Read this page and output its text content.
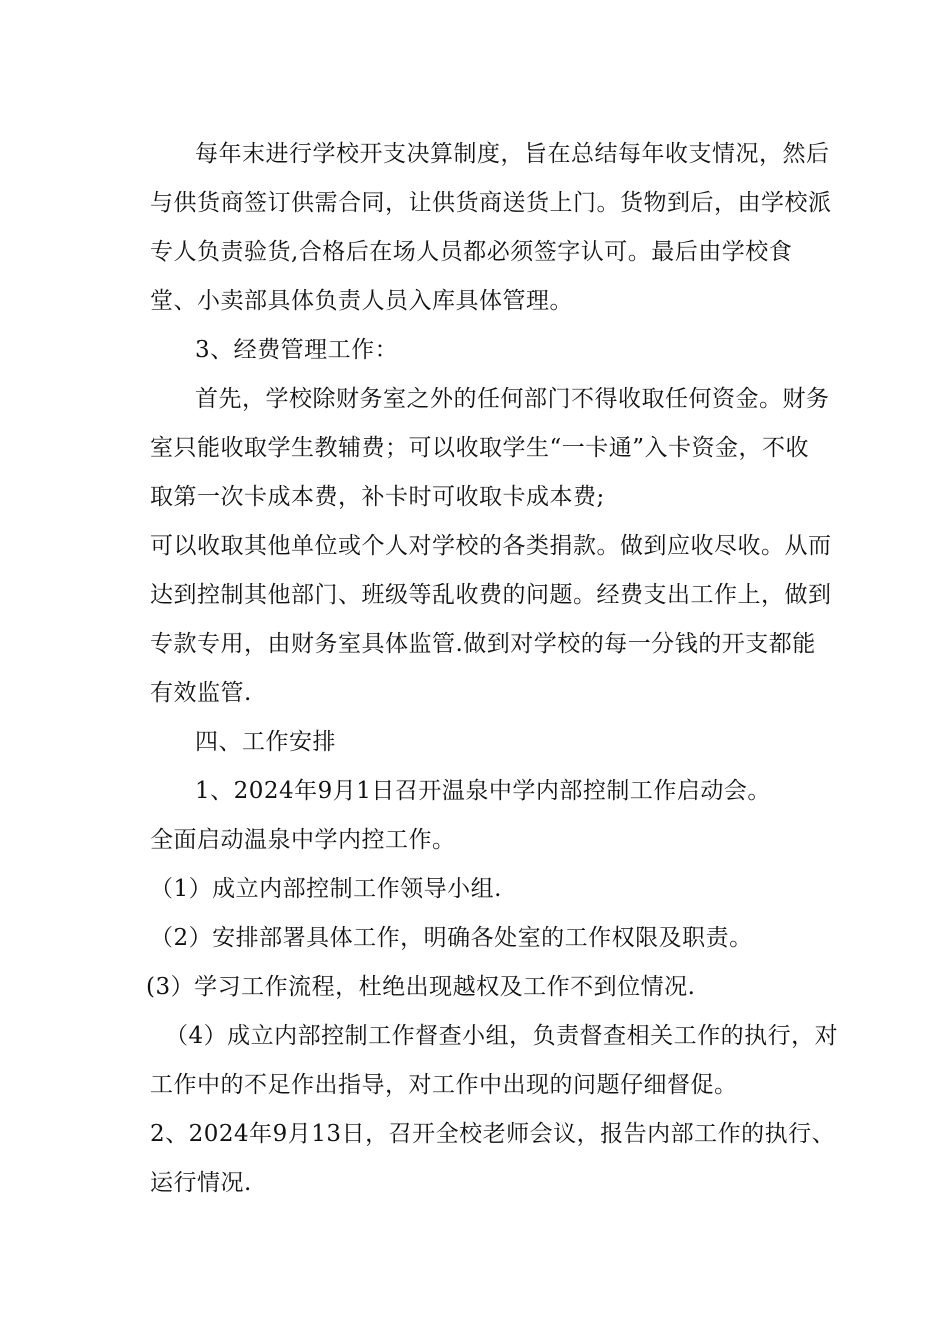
每年末进行学校开支决算制度，旨在总结每年收支情况，然后
与供货商签订供需合同，让供货商送货上门。货物到后，由学校派
专人负责验货,合格后在场人员都必须签字认可。最后由学校食
堂、小卖部具体负责人员入库具体管理。
3、经费管理工作：
首先，学校除财务室之外的任何部门不得收取任何资金。财务
室只能收取学生教辅费；可以收取学生“一卡通”入卡资金，不收
取第一次卡成本费，补卡时可收取卡成本费;
可以收取其他单位或个人对学校的各类捐款。做到应收尽收。从而
达到控制其他部门、班级等乱收费的问题。经费支出工作上，做到
专款专用，由财务室具体监管.做到对学校的每一分钱的开支都能
有效监管.
四、工作安排
1、2024年9月1日召开温泉中学内部控制工作启动会。
全面启动温泉中学内控工作。
（1）成立内部控制工作领导小组.
（2）安排部署具体工作，明确各处室的工作权限及职责。
(3）学习工作流程，杜绝出现越权及工作不到位情况.
（4）成立内部控制工作督查小组，负责督查相关工作的执行，对
工作中的不足作出指导，对工作中出现的问题仔细督促。
2、2024年9月13日，召开全校老师会议，报告内部工作的执行、
运行情况.
